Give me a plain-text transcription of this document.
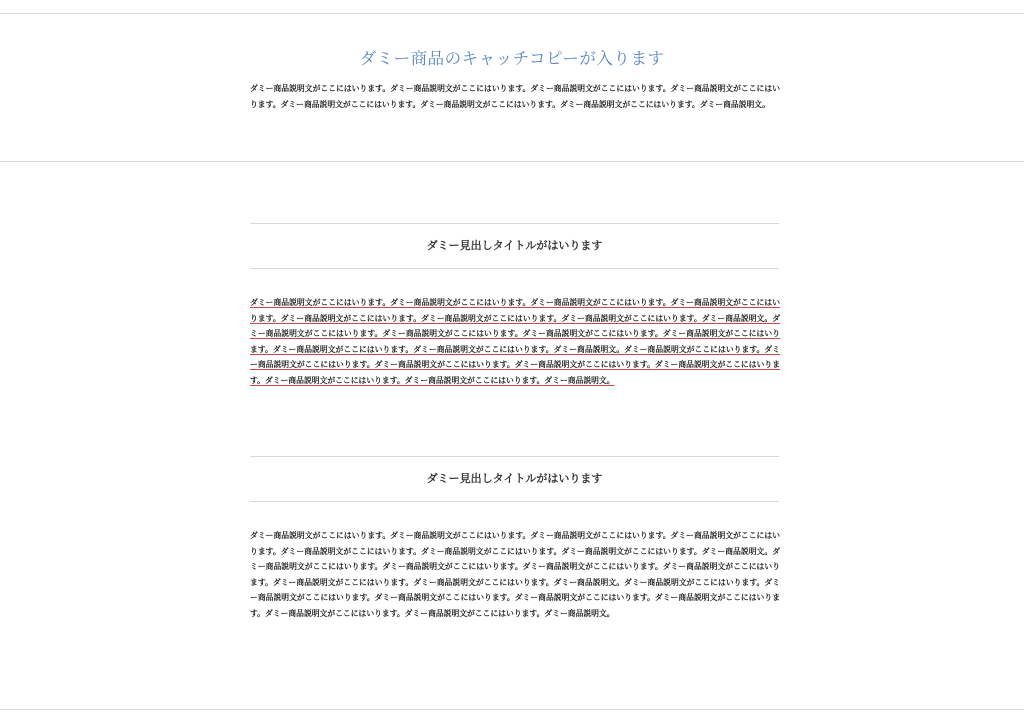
ダミー商品のキャッチコピーが入ります

ダミー商品説明文がここにはいります。ダミー商品説明文がここにはいります。ダミー商品説明文がここにはいります。ダミー商品説明文がここにはいります。ダミー商品説明文がここにはいります。ダミー商品説明文がここにはいります。ダミー商品説明文がここにはいります。ダミー商品説明文。

ダミー見出しタイトルがはいります

ダミー商品説明文がここにはいります。ダミー商品説明文がここにはいります。ダミー商品説明文がここにはいります。ダミー商品説明文がここにはいります。ダミー商品説明文がここにはいります。ダミー商品説明文がここにはいります。ダミー商品説明文がここにはいります。ダミー商品説明文。ダミー商品説明文がここにはいります。ダミー商品説明文がここにはいります。ダミー商品説明文がここにはいります。ダミー商品説明文がここにはいります。ダミー商品説明文がここにはいります。ダミー商品説明文がここにはいります。ダミー商品説明文。ダミー商品説明文がここにはいります。ダミー商品説明文がここにはいります。ダミー商品説明文がここにはいります。ダミー商品説明文がここにはいります。ダミー商品説明文がここにはいります。ダミー商品説明文がここにはいります。ダミー商品説明文がここにはいります。ダミー商品説明文。

ダミー見出しタイトルがはいります

ダミー商品説明文がここにはいります。ダミー商品説明文がここにはいります。ダミー商品説明文がここにはいります。ダミー商品説明文がここにはいります。ダミー商品説明文がここにはいります。ダミー商品説明文がここにはいります。ダミー商品説明文がここにはいります。ダミー商品説明文。ダミー商品説明文がここにはいります。ダミー商品説明文がここにはいります。ダミー商品説明文がここにはいります。ダミー商品説明文がここにはいります。ダミー商品説明文がここにはいります。ダミー商品説明文がここにはいります。ダミー商品説明文。ダミー商品説明文がここにはいります。ダミー商品説明文がここにはいります。ダミー商品説明文がここにはいります。ダミー商品説明文がここにはいります。ダミー商品説明文がここにはいります。ダミー商品説明文がここにはいります。ダミー商品説明文がここにはいります。ダミー商品説明文。
